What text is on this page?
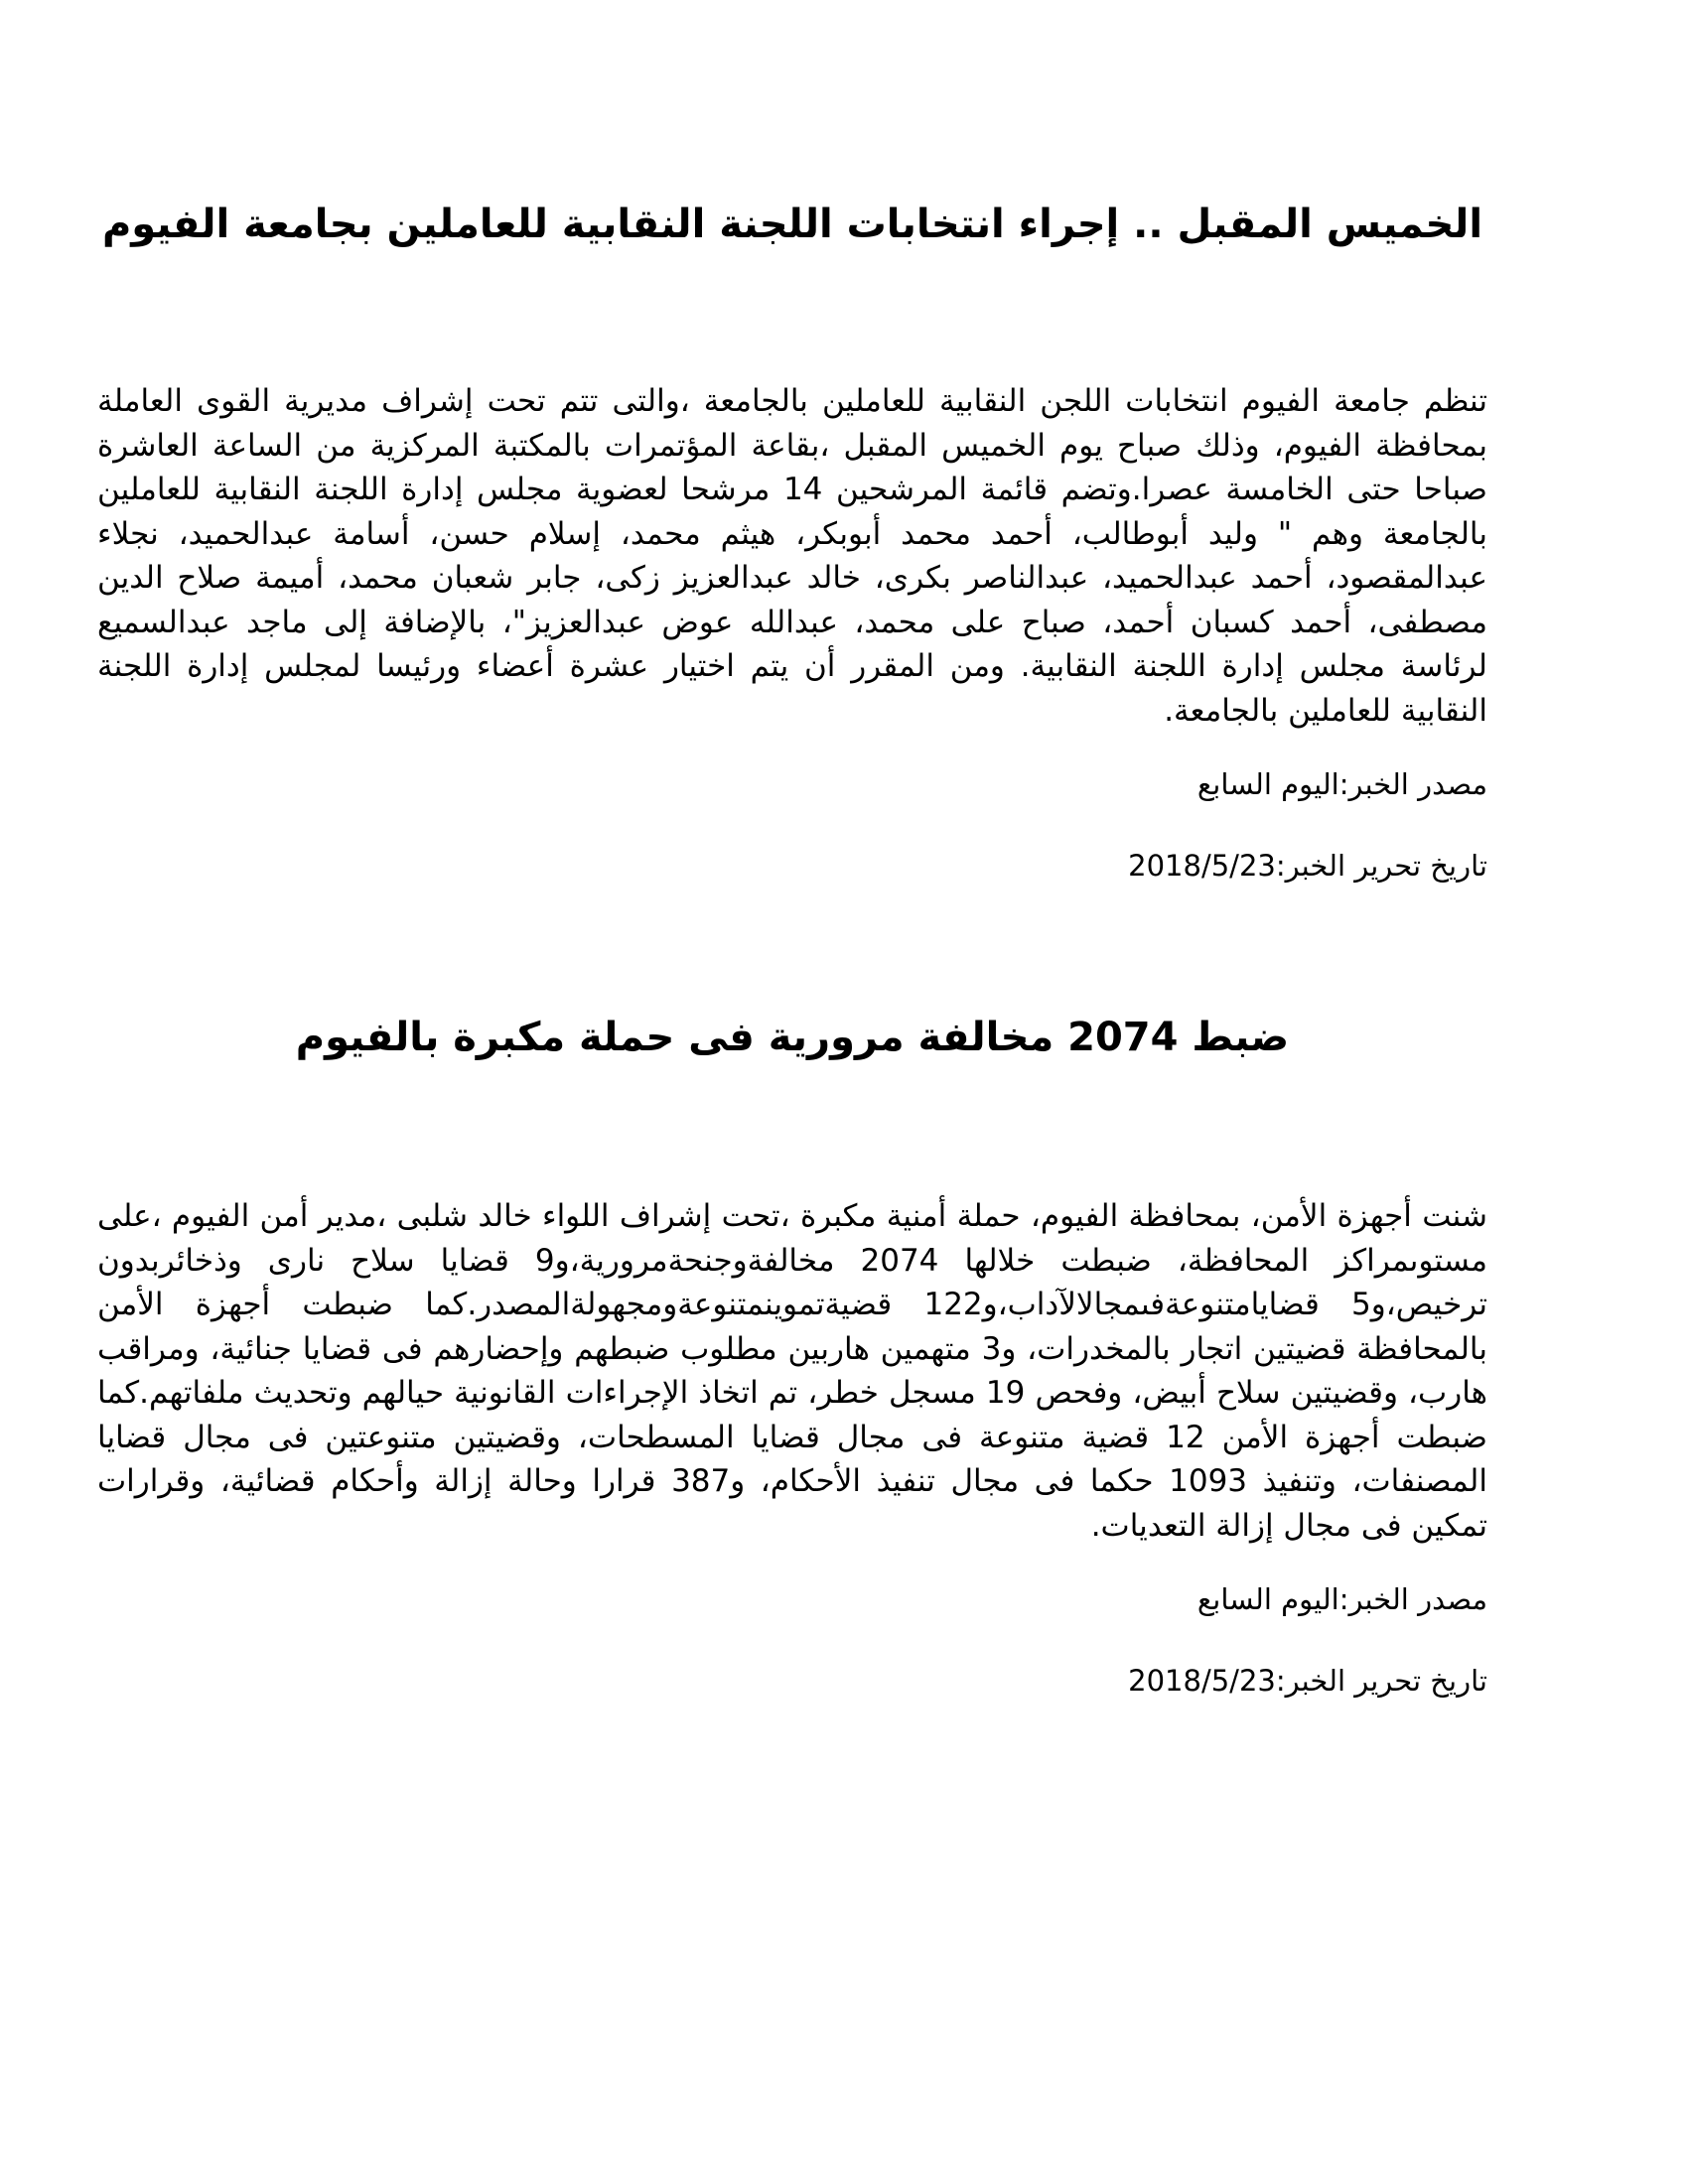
الخميس المقبل .. إجراء انتخابات اللجنة النقابية للعاملين بجامعة الفيوم

تنظم جامعة الفيوم انتخابات اللجن النقابية للعاملين بالجامعة ،والتى تتم تحت إشراف مديرية القوى العاملة بمحافظة الفيوم، وذلك صباح يوم الخميس المقبل ،بقاعة المؤتمرات بالمكتبة المركزية من الساعة العاشرة صباحا حتى الخامسة عصرا.وتضم قائمة المرشحين 14 مرشحا لعضوية مجلس إدارة اللجنة النقابية للعاملين بالجامعة وهم " وليد أبوطالب، أحمد محمد أبوبكر، هيثم محمد، إسلام حسن، أسامة عبدالحميد، نجلاء عبدالمقصود، أحمد عبدالحميد، عبدالناصر بكرى، خالد عبدالعزيز زكى، جابر شعبان محمد، أميمة صلاح الدين مصطفى، أحمد كسبان أحمد، صباح على محمد، عبدالله عوض عبدالعزيز"، بالإضافة إلى ماجد عبدالسميع لرئاسة مجلس إدارة اللجنة النقابية. ومن المقرر أن يتم اختيار عشرة أعضاء ورئيسا لمجلس إدارة اللجنة النقابية للعاملين بالجامعة.

مصدر الخبر:اليوم السابع

تاريخ تحرير الخبر:2018/5/23

ضبط 2074 مخالفة مرورية فى حملة مكبرة بالفيوم

شنت أجهزة الأمن، بمحافظة الفيوم، حملة أمنية مكبرة ،تحت إشراف اللواء خالد شلبى ،مدير أمن الفيوم ،على مستوىمراكز المحافظة، ضبطت خلالها 2074 مخالفةوجنحةمرورية،و9 قضايا سلاح نارى وذخائربدون ترخيص،و5 قضايامتنوعةفىمجالالآداب،و122 قضيةتموينمتنوعةومجهولةالمصدر.كما ضبطت أجهزة الأمن بالمحافظة قضيتين اتجار بالمخدرات، و3 متهمين هاربين مطلوب ضبطهم وإحضارهم فى قضايا جنائية، ومراقب هارب، وقضيتين سلاح أبيض، وفحص 19 مسجل خطر، تم اتخاذ الإجراءات القانونية حيالهم وتحديث ملفاتهم.كما ضبطت أجهزة الأمن 12 قضية متنوعة فى مجال قضايا المسطحات، وقضيتين متنوعتين فى مجال قضايا المصنفات، وتنفيذ 1093 حكما فى مجال تنفيذ الأحكام، و387 قرارا وحالة إزالة وأحكام قضائية، وقرارات تمكين فى مجال إزالة التعديات.

مصدر الخبر:اليوم السابع

تاريخ تحرير الخبر:2018/5/23
